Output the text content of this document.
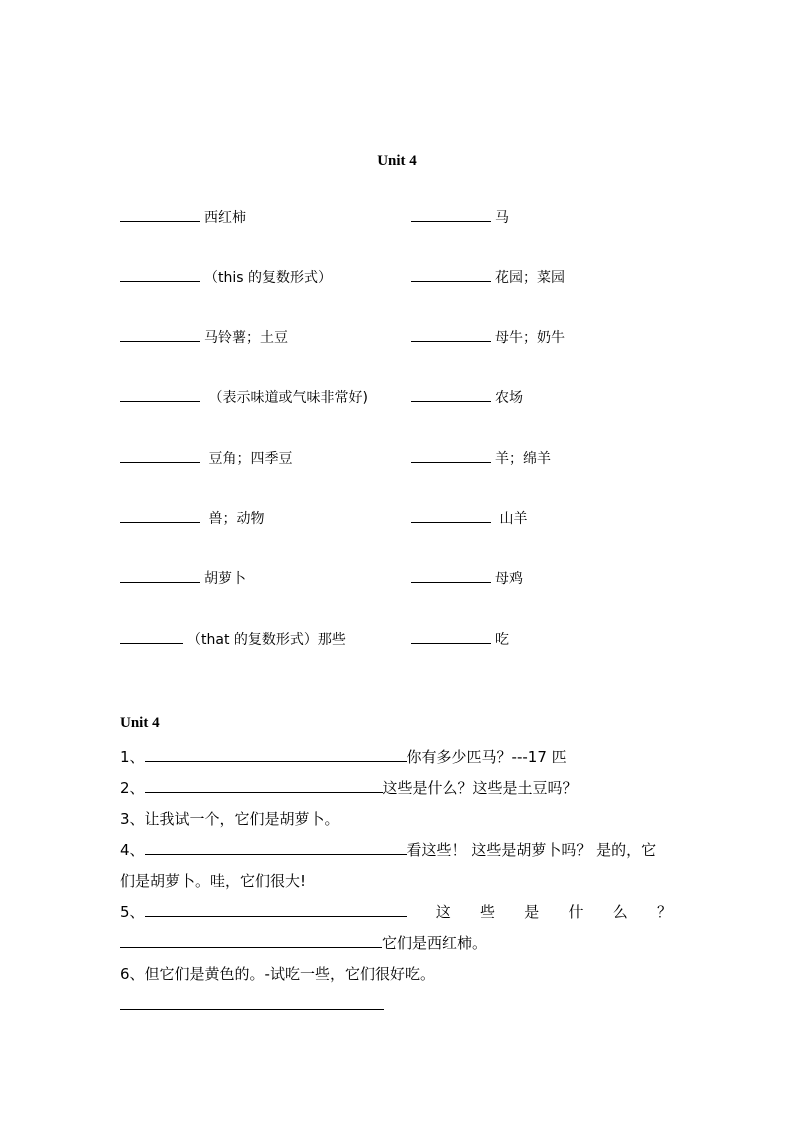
Unit 4
西红柿	马
（this 的复数形式）	花园；菜园
马铃薯；土豆	母牛；奶牛
（表示味道或气味非常好)	农场
豆角；四季豆	羊；绵羊
兽；动物	山羊
胡萝卜	母鸡
（that 的复数形式）那些	吃
Unit 4
1、	你有多少匹马？---17 匹
2、	这些是什么？这些是土豆吗？
3、让我试一个，它们是胡萝卜。
4、	看这些！ 这些是胡萝卜吗？ 是的，它
们是胡萝卜。哇，它们很大!
5、	这 些 是 什 么 ？
它们是西红柿。
6、但它们是黄色的。-试吃一些，它们很好吃。
